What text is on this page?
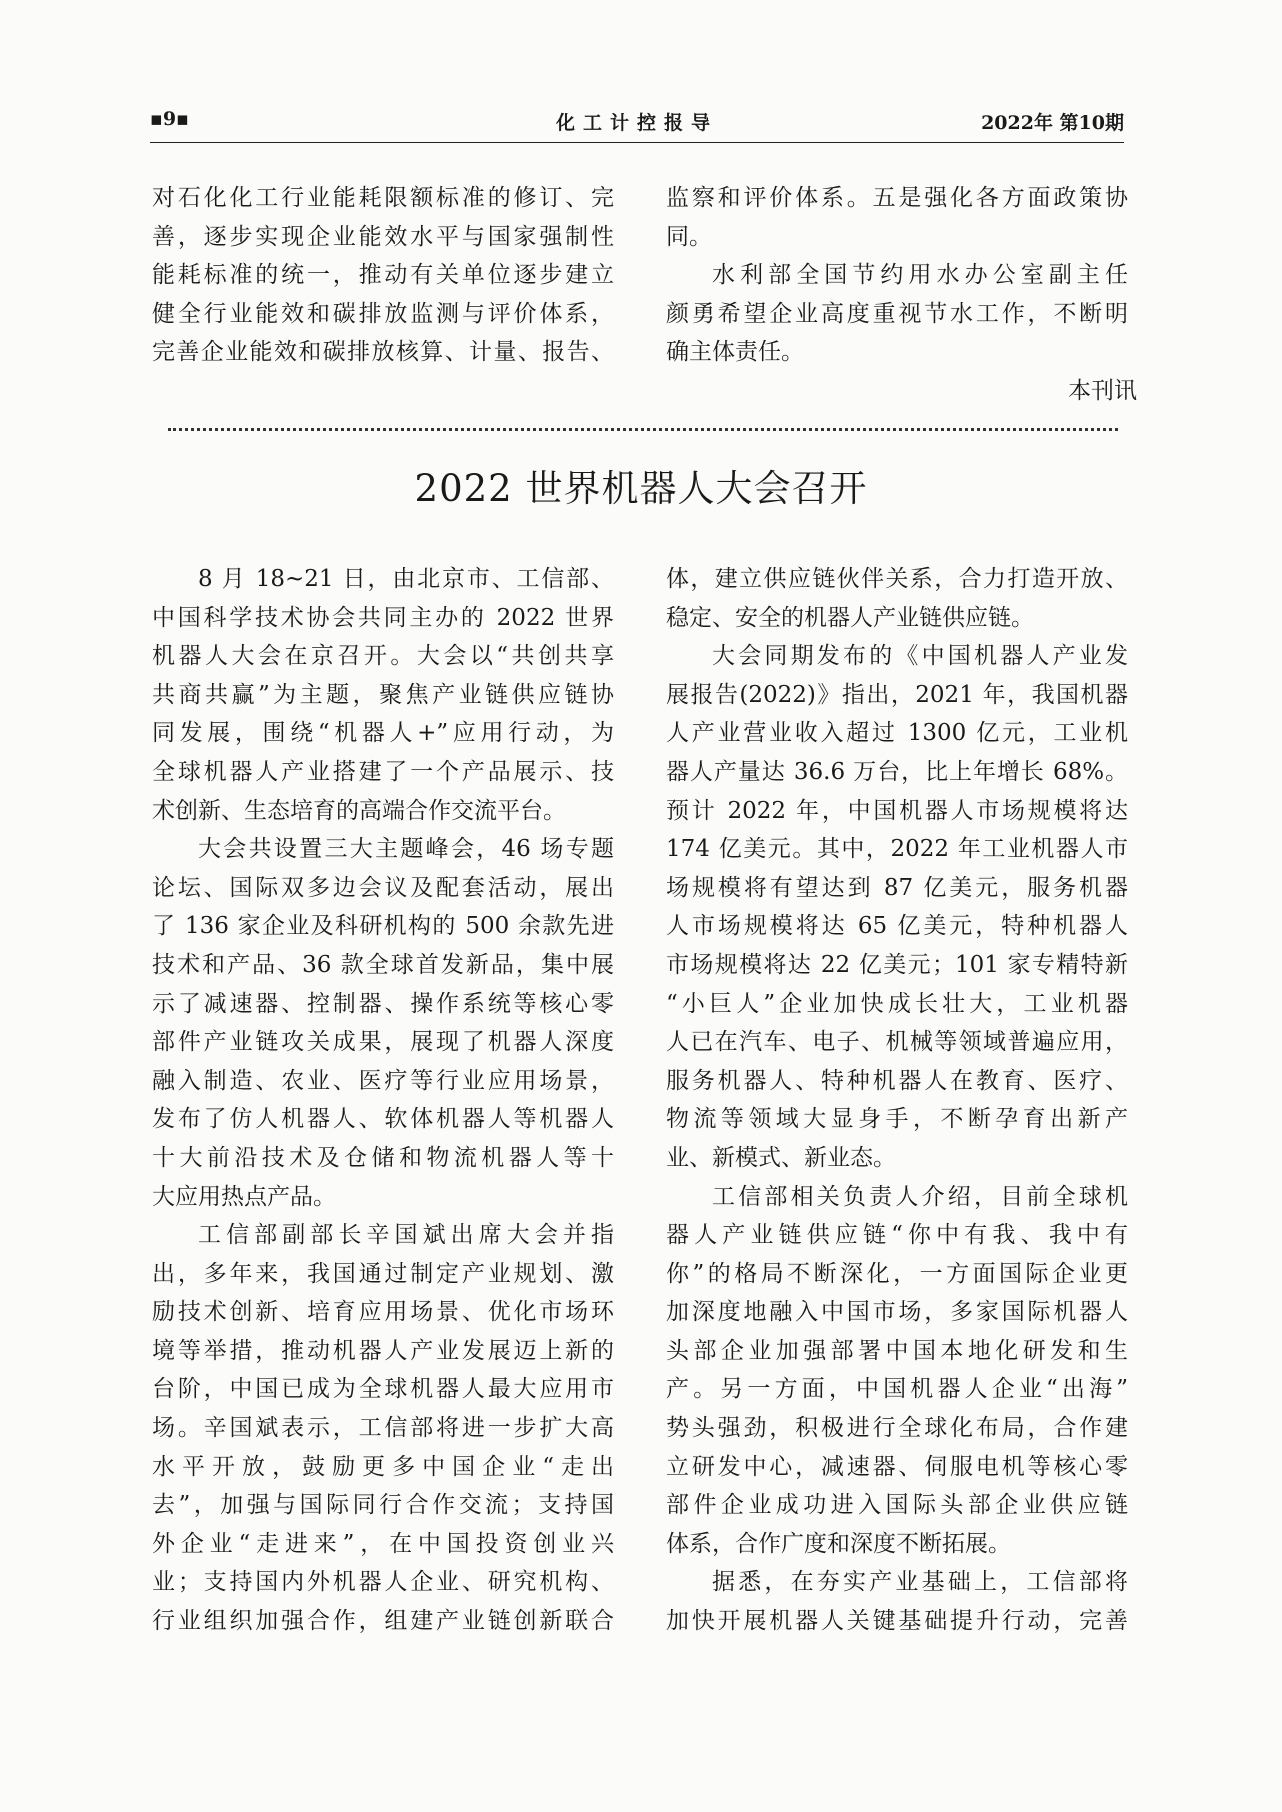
▪9▪	化工计控报导	2022年 第10期

对石化化工行业能耗限额标准的修订、完

善，逐步实现企业能效水平与国家强制性

能耗标准的统一，推动有关单位逐步建立

健全行业能效和碳排放监测与评价体系，

完善企业能效和碳排放核算、计量、报告、

监察和评价体系。五是强化各方面政策协

同。

水利部全国节约用水办公室副主任

颜勇希望企业高度重视节水工作，不断明

确主体责任。

本刊讯
2022 世界机器人大会召开

8 月 18~21 日，由北京市、工信部、

中国科学技术协会共同主办的 2022 世界

机器人大会在京召开。大会以“共创共享

共商共赢”为主题，聚焦产业链供应链协

同发展，围绕“机器人+”应用行动，为

全球机器人产业搭建了一个产品展示、技

术创新、生态培育的高端合作交流平台。

大会共设置三大主题峰会，46 场专题

论坛、国际双多边会议及配套活动，展出

了 136 家企业及科研机构的 500 余款先进

技术和产品、36 款全球首发新品，集中展

示了减速器、控制器、操作系统等核心零

部件产业链攻关成果，展现了机器人深度

融入制造、农业、医疗等行业应用场景，

发布了仿人机器人、软体机器人等机器人

十大前沿技术及仓储和物流机器人等十

大应用热点产品。

工信部副部长辛国斌出席大会并指

出，多年来，我国通过制定产业规划、激

励技术创新、培育应用场景、优化市场环

境等举措，推动机器人产业发展迈上新的

台阶，中国已成为全球机器人最大应用市

场。辛国斌表示，工信部将进一步扩大高

水平开放，鼓励更多中国企业“走出

去”，加强与国际同行合作交流；支持国

外企业“走进来”，在中国投资创业兴

业；支持国内外机器人企业、研究机构、

行业组织加强合作，组建产业链创新联合

体，建立供应链伙伴关系，合力打造开放、

稳定、安全的机器人产业链供应链。

大会同期发布的《中国机器人产业发

展报告(2022)》指出，2021 年，我国机器

人产业营业收入超过 1300 亿元，工业机

器人产量达 36.6 万台，比上年增长 68%。

预计 2022 年，中国机器人市场规模将达

174 亿美元。其中，2022 年工业机器人市

场规模将有望达到 87 亿美元，服务机器

人市场规模将达 65 亿美元，特种机器人

市场规模将达 22 亿美元；101 家专精特新

“小巨人”企业加快成长壮大，工业机器

人已在汽车、电子、机械等领域普遍应用，

服务机器人、特种机器人在教育、医疗、

物流等领域大显身手，不断孕育出新产

业、新模式、新业态。

工信部相关负责人介绍，目前全球机

器人产业链供应链“你中有我、我中有

你”的格局不断深化，一方面国际企业更

加深度地融入中国市场，多家国际机器人

头部企业加强部署中国本地化研发和生

产。另一方面，中国机器人企业“出海”

势头强劲，积极进行全球化布局，合作建

立研发中心，减速器、伺服电机等核心零

部件企业成功进入国际头部企业供应链

体系，合作广度和深度不断拓展。

据悉，在夯实产业基础上，工信部将

加快开展机器人关键基础提升行动，完善
